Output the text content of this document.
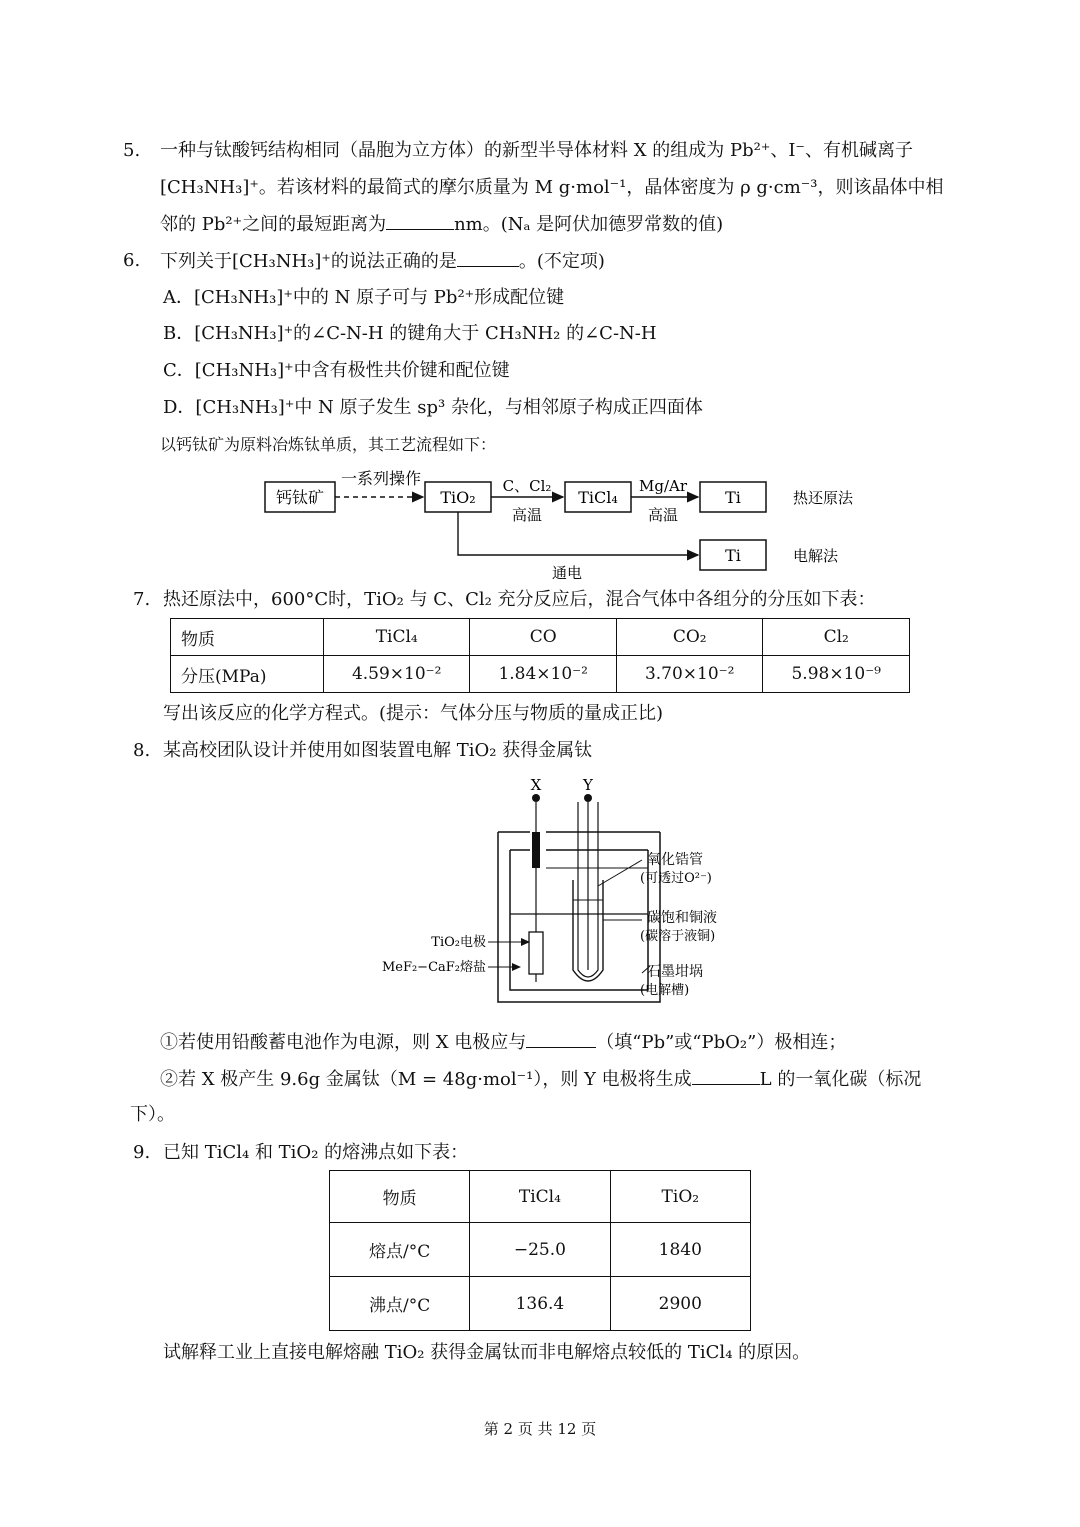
5. 一种与钛酸钙结构相同（晶胞为立方体）的新型半导体材料 X 的组成为 Pb²⁺、I⁻、有机碱离子
[CH₃NH₃]⁺。若该材料的最简式的摩尔质量为 M g·mol⁻¹，晶体密度为 ρ g·cm⁻³，则该晶体中相
邻的 Pb²⁺之间的最短距离为	nm。(Nₐ 是阿伏加德罗常数的值)
6. 下列关于[CH₃NH₃]⁺的说法正确的是	。(不定项)
A．[CH₃NH₃]⁺中的 N 原子可与 Pb²⁺形成配位键
B．[CH₃NH₃]⁺的∠C-N-H 的键角大于 CH₃NH₂ 的∠C-N-H
C．[CH₃NH₃]⁺中含有极性共价键和配位键
D．[CH₃NH₃]⁺中 N 原子发生 sp³ 杂化，与相邻原子构成正四面体
以钙钛矿为原料冶炼钛单质，其工艺流程如下：
钙钛矿	TiO₂	TiCl₄	Ti
Ti
一系列操作	C、Cl₂
高温
Mg/Ar
高温
通电
热还原法
电解法
7. 热还原法中，600°C时，TiO₂ 与 C、Cl₂ 充分反应后，混合气体中各组分的分压如下表：
物质	TiCl₄	CO	CO₂	Cl₂
分压(MPa)	4.59×10⁻²	1.84×10⁻²	3.70×10⁻²	5.98×10⁻⁹
写出该反应的化学方程式。(提示：气体分压与物质的量成正比)
8. 某高校团队设计并使用如图装置电解 TiO₂ 获得金属钛
X	Y
氧化锆管
(可透过O²⁻)
碳饱和铜液
(碳溶于液铜)
石墨坩埚
(电解槽)
TiO₂电极
MeF₂−CaF₂熔盐
①若使用铅酸蓄电池作为电源，则 X 电极应与	（填“Pb”或“PbO₂”）极相连；
②若 X 极产生 9.6g 金属钛（M = 48g·mol⁻¹），则 Y 电极将生成	L 的一氧化碳（标况
下）。
9. 已知 TiCl₄ 和 TiO₂ 的熔沸点如下表：
物质	TiCl₄	TiO₂
熔点/°C	−25.0	1840
沸点/°C	136.4	2900
试解释工业上直接电解熔融 TiO₂ 获得金属钛而非电解熔点较低的 TiCl₄ 的原因。
第 2 页 共 12 页
